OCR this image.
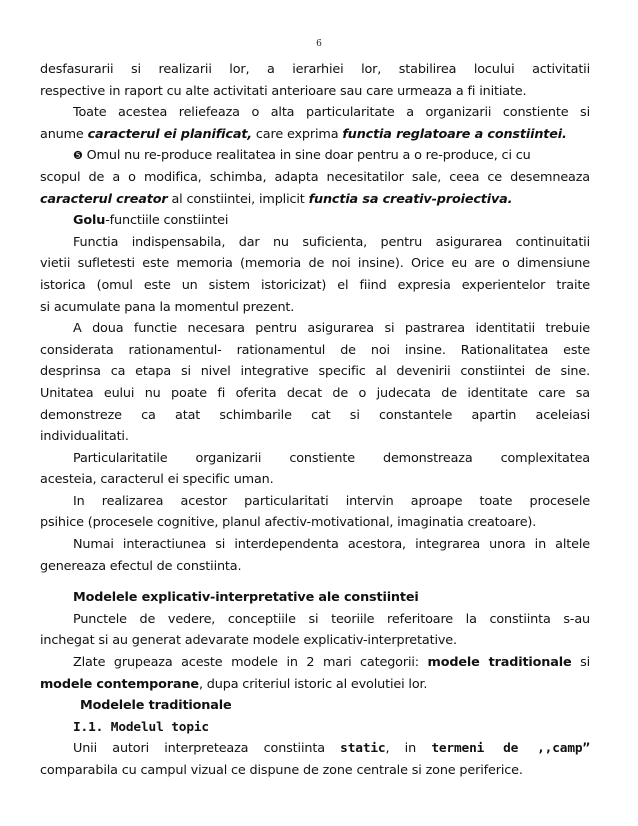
6
desfasurarii si realizarii lor, a ierarhiei lor, stabilirea locului activitatii
respective in raport cu alte activitati anterioare sau care urmeaza a fi initiate.
Toate acestea reliefeaza o alta particularitate a organizarii constiente si
anume caracterul ei planificat, care exprima functia reglatoare a constiintei.
❺ Omul nu re-produce realitatea in sine doar pentru a o re-produce, ci cu
scopul de a o modifica, schimba, adapta necesitatilor sale, ceea ce desemneaza
caracterul creator al constiintei, implicit functia sa creativ-proiectiva.
Golu-functiile constiintei
Functia indispensabila, dar nu suficienta, pentru asigurarea continuitatii
vietii sufletesti este memoria (memoria de noi insine). Orice eu are o dimensiune
istorica (omul este un sistem istoricizat) el fiind expresia experientelor traite
si acumulate pana la momentul prezent.
A doua functie necesara pentru asigurarea si pastrarea identitatii trebuie
considerata rationamentul- rationamentul de noi insine. Rationalitatea este
desprinsa ca etapa si nivel integrative specific al devenirii constiintei de sine.
Unitatea eului nu poate fi oferita decat de o judecata de identitate care sa
demonstreze ca atat schimbarile cat si constantele apartin aceleiasi
individualitati.
Particularitatile organizarii constiente demonstreaza complexitatea
acesteia, caracterul ei specific uman.
In realizarea acestor particularitati intervin aproape toate procesele
psihice (procesele cognitive, planul afectiv-motivational, imaginatia creatoare).
Numai interactiunea si interdependenta acestora, integrarea unora in altele
genereaza efectul de constiinta.
Modelele explicativ-interpretative ale constiintei
Punctele de vedere, conceptiile si teoriile referitoare la constiinta s-au
inchegat si au generat adevarate modele explicativ-interpretative.
Zlate grupeaza aceste modele in 2 mari categorii: modele traditionale si
modele contemporane, dupa criteriul istoric al evolutiei lor.
Modelele traditionale
I.1. Modelul topic
Unii autori interpreteaza constiinta static, in termeni de ,,camp”
comparabila cu campul vizual ce dispune de zone centrale si zone periferice.
